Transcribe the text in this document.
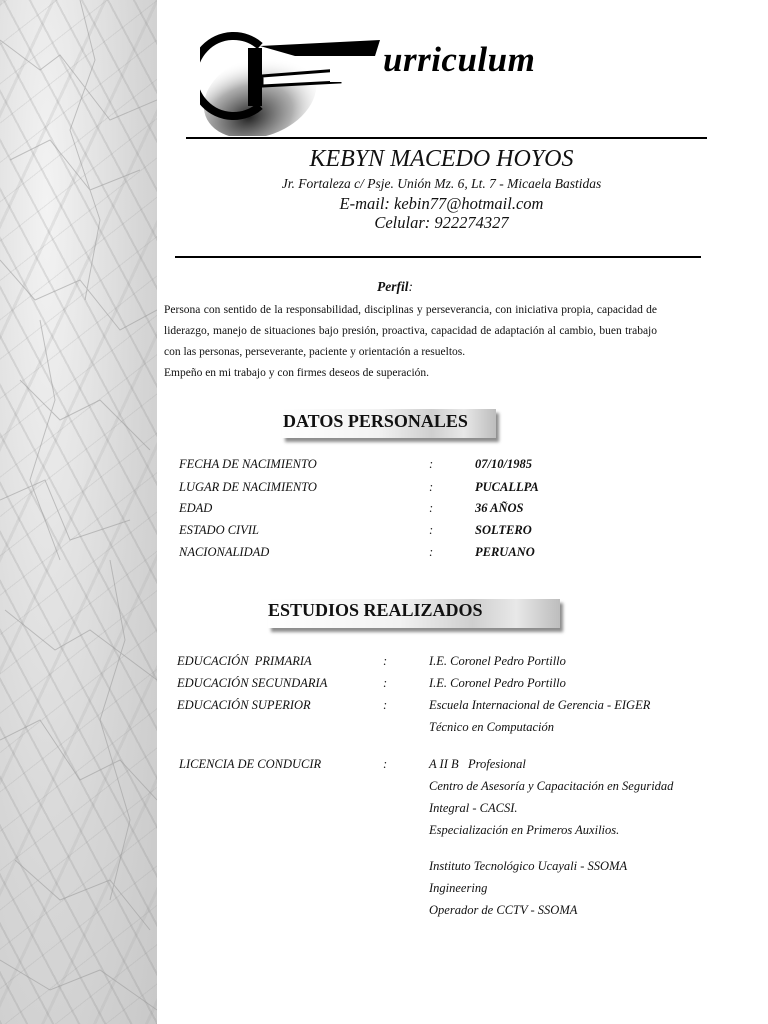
urriculum
KEBYN MACEDO HOYOS
Jr. Fortaleza c/ Psje. Unión Mz. 6, Lt. 7 - Micaela Bastidas
E-mail: kebin77@hotmail.com
Celular: 922274327
Perfil:

Persona con sentido de la responsabilidad, disciplinas y perseverancia, con iniciativa propia, capacidad de liderazgo, manejo de situaciones bajo presión, proactiva, capacidad de adaptación al cambio, buen trabajo con las personas, perseverante, paciente y orientación a resueltos.

Empeño en mi trabajo y con firmes deseos de superación.

DATOS PERSONALES
FECHA DE NACIMIENTO	:	07/10/1985
LUGAR DE NACIMIENTO	:	PUCALLPA
EDAD	:	36 AÑOS
ESTADO CIVIL	:	SOLTERO
NACIONALIDAD	:	PERUANO
ESTUDIOS REALIZADOS
EDUCACIÓN  PRIMARIA	:	I.E. Coronel Pedro Portillo
EDUCACIÓN SECUNDARIA	:	I.E. Coronel Pedro Portillo
EDUCACIÓN SUPERIOR	:	Escuela Internacional de Gerencia - EIGER
Técnico en Computación
LICENCIA DE CONDUCIR	:	A II B   Profesional
Centro de Asesoría y Capacitación en Seguridad
Integral - CACSI.
Especialización en Primeros Auxilios.
Instituto Tecnológico Ucayali - SSOMA
Ingineering
Operador de CCTV - SSOMA
